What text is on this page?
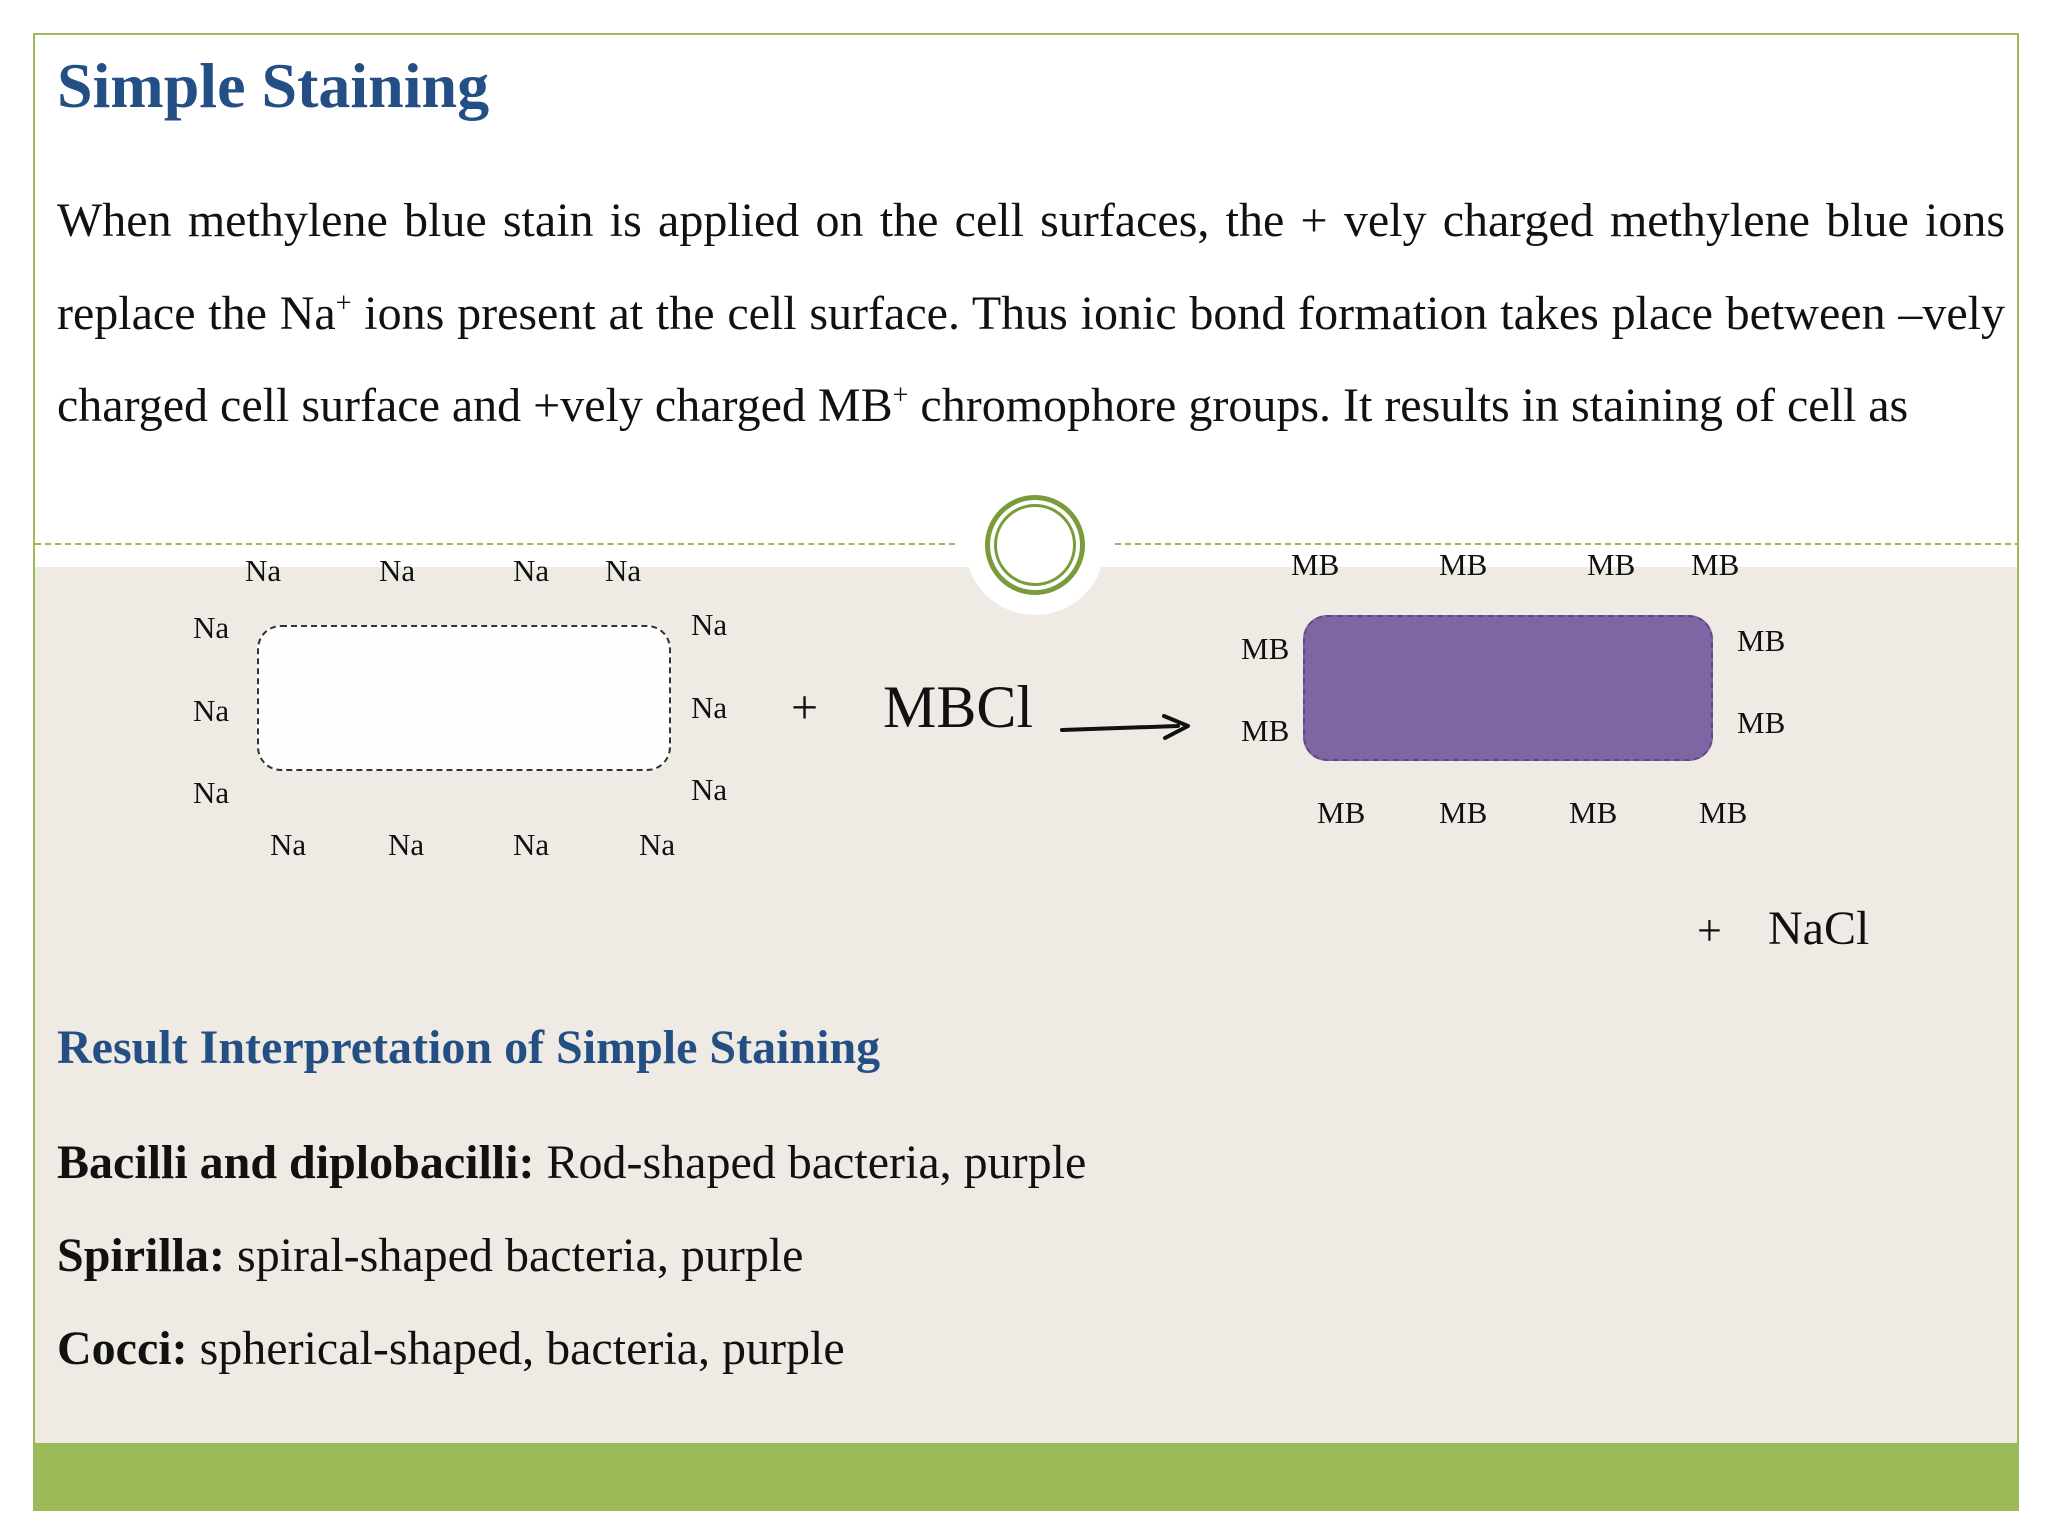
Simple Staining

When methylene blue stain is applied on the cell surfaces, the + vely charged methylene blue ions replace the Na+ ions present at the cell surface. Thus ionic bond formation takes place between –vely charged cell surface and +vely charged MB+ chromophore groups. It results in staining of cell as

Na	Na	Na Na
Na
Na
Na
Na
Na
Na
Na	Na	Na	Na
+ MBCl
MB	MB	MB MB
MB
MB
MB
MB
MB MB	MB	MB
+ NaCl
Result Interpretation of Simple Staining

Bacilli and diplobacilli: Rod-shaped bacteria, purple

Spirilla: spiral-shaped bacteria, purple

Cocci: spherical-shaped, bacteria, purple
